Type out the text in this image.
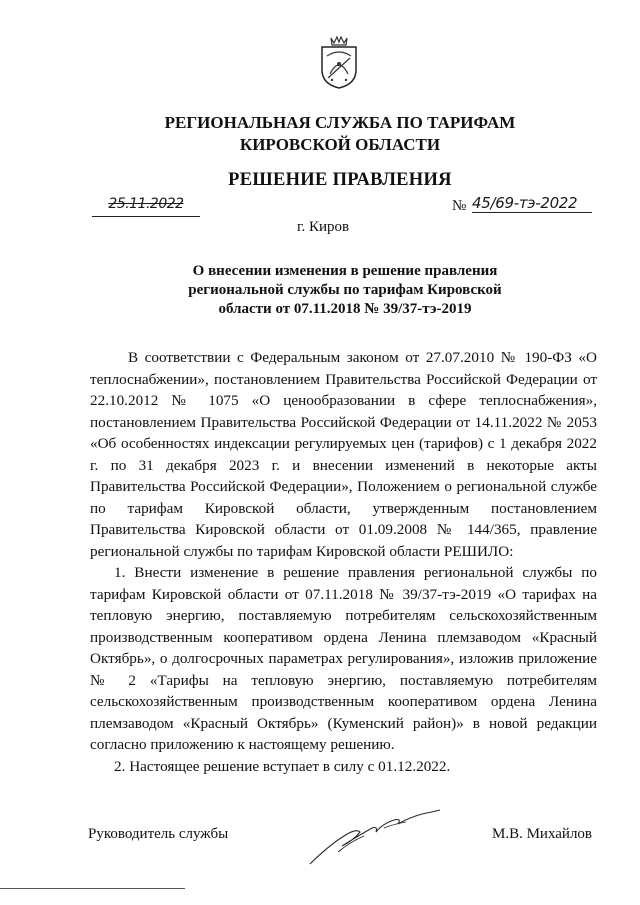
РЕГИОНАЛЬНАЯ СЛУЖБА ПО ТАРИФАМ
КИРОВСКОЙ ОБЛАСТИ
РЕШЕНИЕ ПРАВЛЕНИЯ
25.11.2022	№ 45/69-тэ-2022
г. Киров
О внесении изменения в решение правления
региональной службы по тарифам Кировской
области от 07.11.2018 № 39/37-тэ-2019

В соответствии с Федеральным законом от 27.07.2010 № 190-ФЗ «О теплоснабжении», постановлением Правительства Российской Федерации от 22.10.2012 № 1075 «О ценообразовании в сфере теплоснабжения», постановлением Правительства Российской Федерации от 14.11.2022 № 2053 «Об особенностях индексации регулируемых цен (тарифов) с 1 декабря 2022 г. по 31 декабря 2023 г. и внесении изменений в некоторые акты Правительства Российской Федерации», Положением о региональной службе по тарифам Кировской области, утвержденным постановлением Правительства Кировской области от 01.09.2008 № 144/365, правление региональной службы по тарифам Кировской области РЕШИЛО:

1. Внести изменение в решение правления региональной службы по тарифам Кировской области от 07.11.2018 № 39/37-тэ-2019 «О тарифах на тепловую энергию, поставляемую потребителям сельскохозяйственным производственным кооперативом ордена Ленина племзаводом «Красный Октябрь», о долгосрочных параметрах регулирования», изложив приложение № 2 «Тарифы на тепловую энергию, поставляемую потребителям сельскохозяйственным производственным кооперативом ордена Ленина племзаводом «Красный Октябрь» (Куменский район)» в новой редакции согласно приложению к настоящему решению.

2. Настоящее решение вступает в силу с 01.12.2022.

Руководитель службы	М.В. Михайлов
